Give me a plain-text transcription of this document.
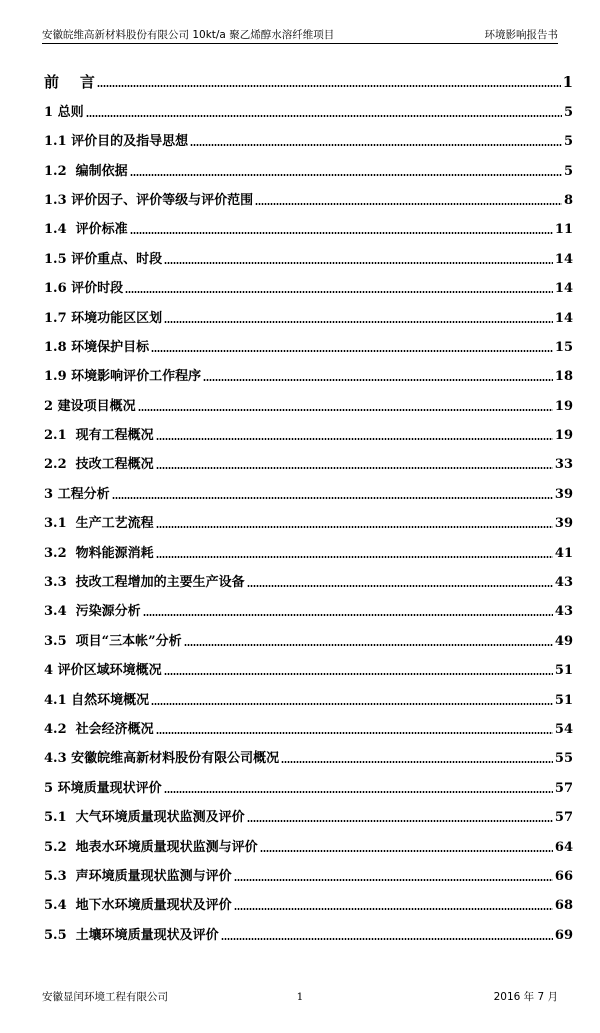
安徽皖维高新材料股份有限公司 10kt/a 聚乙烯醇水溶纤维项目	环境影响报告书
前    言	1
1 总则	5
1.1 评价目的及指导思想	5
1.2  编制依据	5
1.3 评价因子、评价等级与评价范围	8
1.4  评价标准	11
1.5 评价重点、时段	14
1.6 评价时段	14
1.7 环境功能区区划	14
1.8 环境保护目标	15
1.9 环境影响评价工作程序	18
2 建设项目概况	19
2.1  现有工程概况	19
2.2  技改工程概况	33
3 工程分析	39
3.1  生产工艺流程	39
3.2  物料能源消耗	41
3.3  技改工程增加的主要生产设备	43
3.4  污染源分析	43
3.5  项目“三本帐”分析	49
4 评价区域环境概况	51
4.1 自然环境概况	51
4.2  社会经济概况	54
4.3 安徽皖维高新材料股份有限公司概况	55
5 环境质量现状评价	57
5.1  大气环境质量现状监测及评价	57
5.2  地表水环境质量现状监测与评价	64
5.3  声环境质量现状监测与评价	66
5.4  地下水环境质量现状及评价	68
5.5  土壤环境质量现状及评价	69
安徽显闰环境工程有限公司	1	2016 年 7 月
